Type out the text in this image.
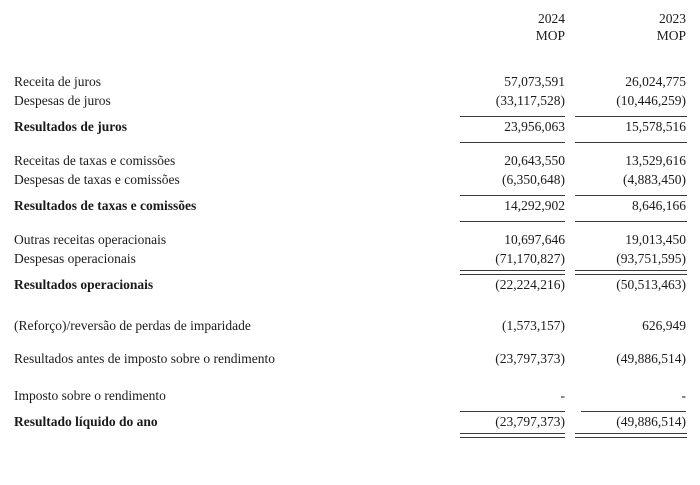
	2024	2023
	MOP	MOP

Receita de juros	57,073,591	26,024,775
Despesas de juros	(33,117,528)	(10,446,259)

Resultados de juros	23,956,063	15,578,516

Receitas de taxas e comissões	20,643,550	13,529,616
Despesas de taxas e comissões	(6,350,648)	(4,883,450)

Resultados de taxas e comissões	14,292,902	8,646,166

Outras receitas operacionais	10,697,646	19,013,450
Despesas operacionais	(71,170,827)	(93,751,595)

Resultados operacionais	(22,224,216)	(50,513,463)

(Reforço)/reversão de perdas de imparidade	(1,573,157)	626,949

Resultados antes de imposto sobre o rendimento	(23,797,373)	(49,886,514)

Imposto sobre o rendimento	-	-

Resultado líquido do ano	(23,797,373)	(49,886,514)
